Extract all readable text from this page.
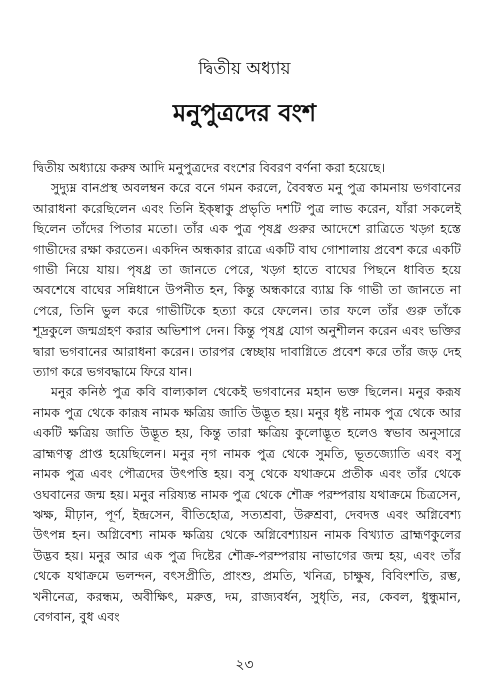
দ্বিতীয় অধ্যায়
মনুপুত্রদের বংশ

দ্বিতীয় অধ্যায়ে করুষ আদি মনুপুত্রদের বংশের বিবরণ বর্ণনা করা হয়েছে।

সুদ্যুম্ন বানপ্রস্থ অবলম্বন করে বনে গমন করলে, বৈবস্বত মনু পুত্র কামনায় ভগবানের আরাধনা করেছিলেন এবং তিনি ইক্ষ্বাকু প্রভৃতি দশটি পুত্র লাভ করেন, যাঁরা সকলেই ছিলেন তাঁদের পিতার মতো। তাঁর এক পুত্র পৃষধ্র গুরুর আদেশে রাত্রিতে খড়্গ হস্তে গাভীদের রক্ষা করতেন। একদিন অন্ধকার রাত্রে একটি বাঘ গোশালায় প্রবেশ করে একটি গাভী নিয়ে যায়। পৃষধ্র তা জানতে পেরে, খড়্গ হাতে বাঘের পিছনে ধাবিত হয়ে অবশেষে বাঘের সন্নিধানে উপনীত হন, কিন্তু অন্ধকারে ব্যাঘ্র কি গাভী তা জানতে না পেরে, তিনি ভুল করে গাভীটিকে হত্যা করে ফেলেন। তার ফলে তাঁর গুরু তাঁকে শূদ্রকুলে জন্মগ্রহণ করার অভিশাপ দেন। কিন্তু পৃষধ্র যোগ অনুশীলন করেন এবং ভক্তির দ্বারা ভগবানের আরাধনা করেন। তারপর স্বেচ্ছায় দাবাগ্নিতে প্রবেশ করে তাঁর জড় দেহ ত্যাগ করে ভগবদ্ধামে ফিরে যান।

মনুর কনিষ্ঠ পুত্র কবি বাল্যকাল থেকেই ভগবানের মহান ভক্ত ছিলেন। মনুর করূষ নামক পুত্র থেকে কারূষ নামক ক্ষত্রিয় জাতি উদ্ভূত হয়। মনুর ধৃষ্ট নামক পুত্র থেকে আর একটি ক্ষত্রিয় জাতি উদ্ভূত হয়, কিন্তু তারা ক্ষত্রিয় কুলোদ্ভূত হলেও স্বভাব অনুসারে ব্রাহ্মণত্ব প্রাপ্ত হয়েছিলেন। মনুর নৃগ নামক পুত্র থেকে সুমতি, ভূতজ্যোতি এবং বসু নামক পুত্র এবং পৌত্রদের উৎপত্তি হয়। বসু থেকে যথাক্রমে প্রতীক এবং তাঁর থেকে ওঘবানের জন্ম হয়। মনুর নরিষ্যন্ত নামক পুত্র থেকে শৌক্র পরম্পরায় যথাক্রমে চিত্রসেন, ঋক্ষ, মীঢ়ান, পূর্ণ, ইন্দ্রসেন, বীতিহোত্র, সত্যশ্রবা, উরুশ্রবা, দেবদত্ত এবং অগ্নিবেশ্য উৎপন্ন হন। অগ্নিবেশ্য নামক ক্ষত্রিয় থেকে অগ্নিবেশ্যায়ন নামক বিখ্যাত ব্রাহ্মণকুলের উদ্ভব হয়। মনুর আর এক পুত্র দিষ্টের শৌক্র-পরম্পরায় নাভাগের জন্ম হয়, এবং তাঁর থেকে যথাক্রমে ভলন্দন, বৎসপ্রীতি, প্রাংশু, প্রমতি, খনিত্র, চাক্ষুষ, বিবিংশতি, রম্ভ, খনীনেত্র, করন্ধম, অবীক্ষিৎ, মরুত্ত, দম, রাজ্যবর্ধন, সুধৃতি, নর, কেবল, ধুন্ধুমান, বেগবান, বুধ এবং

২৩
